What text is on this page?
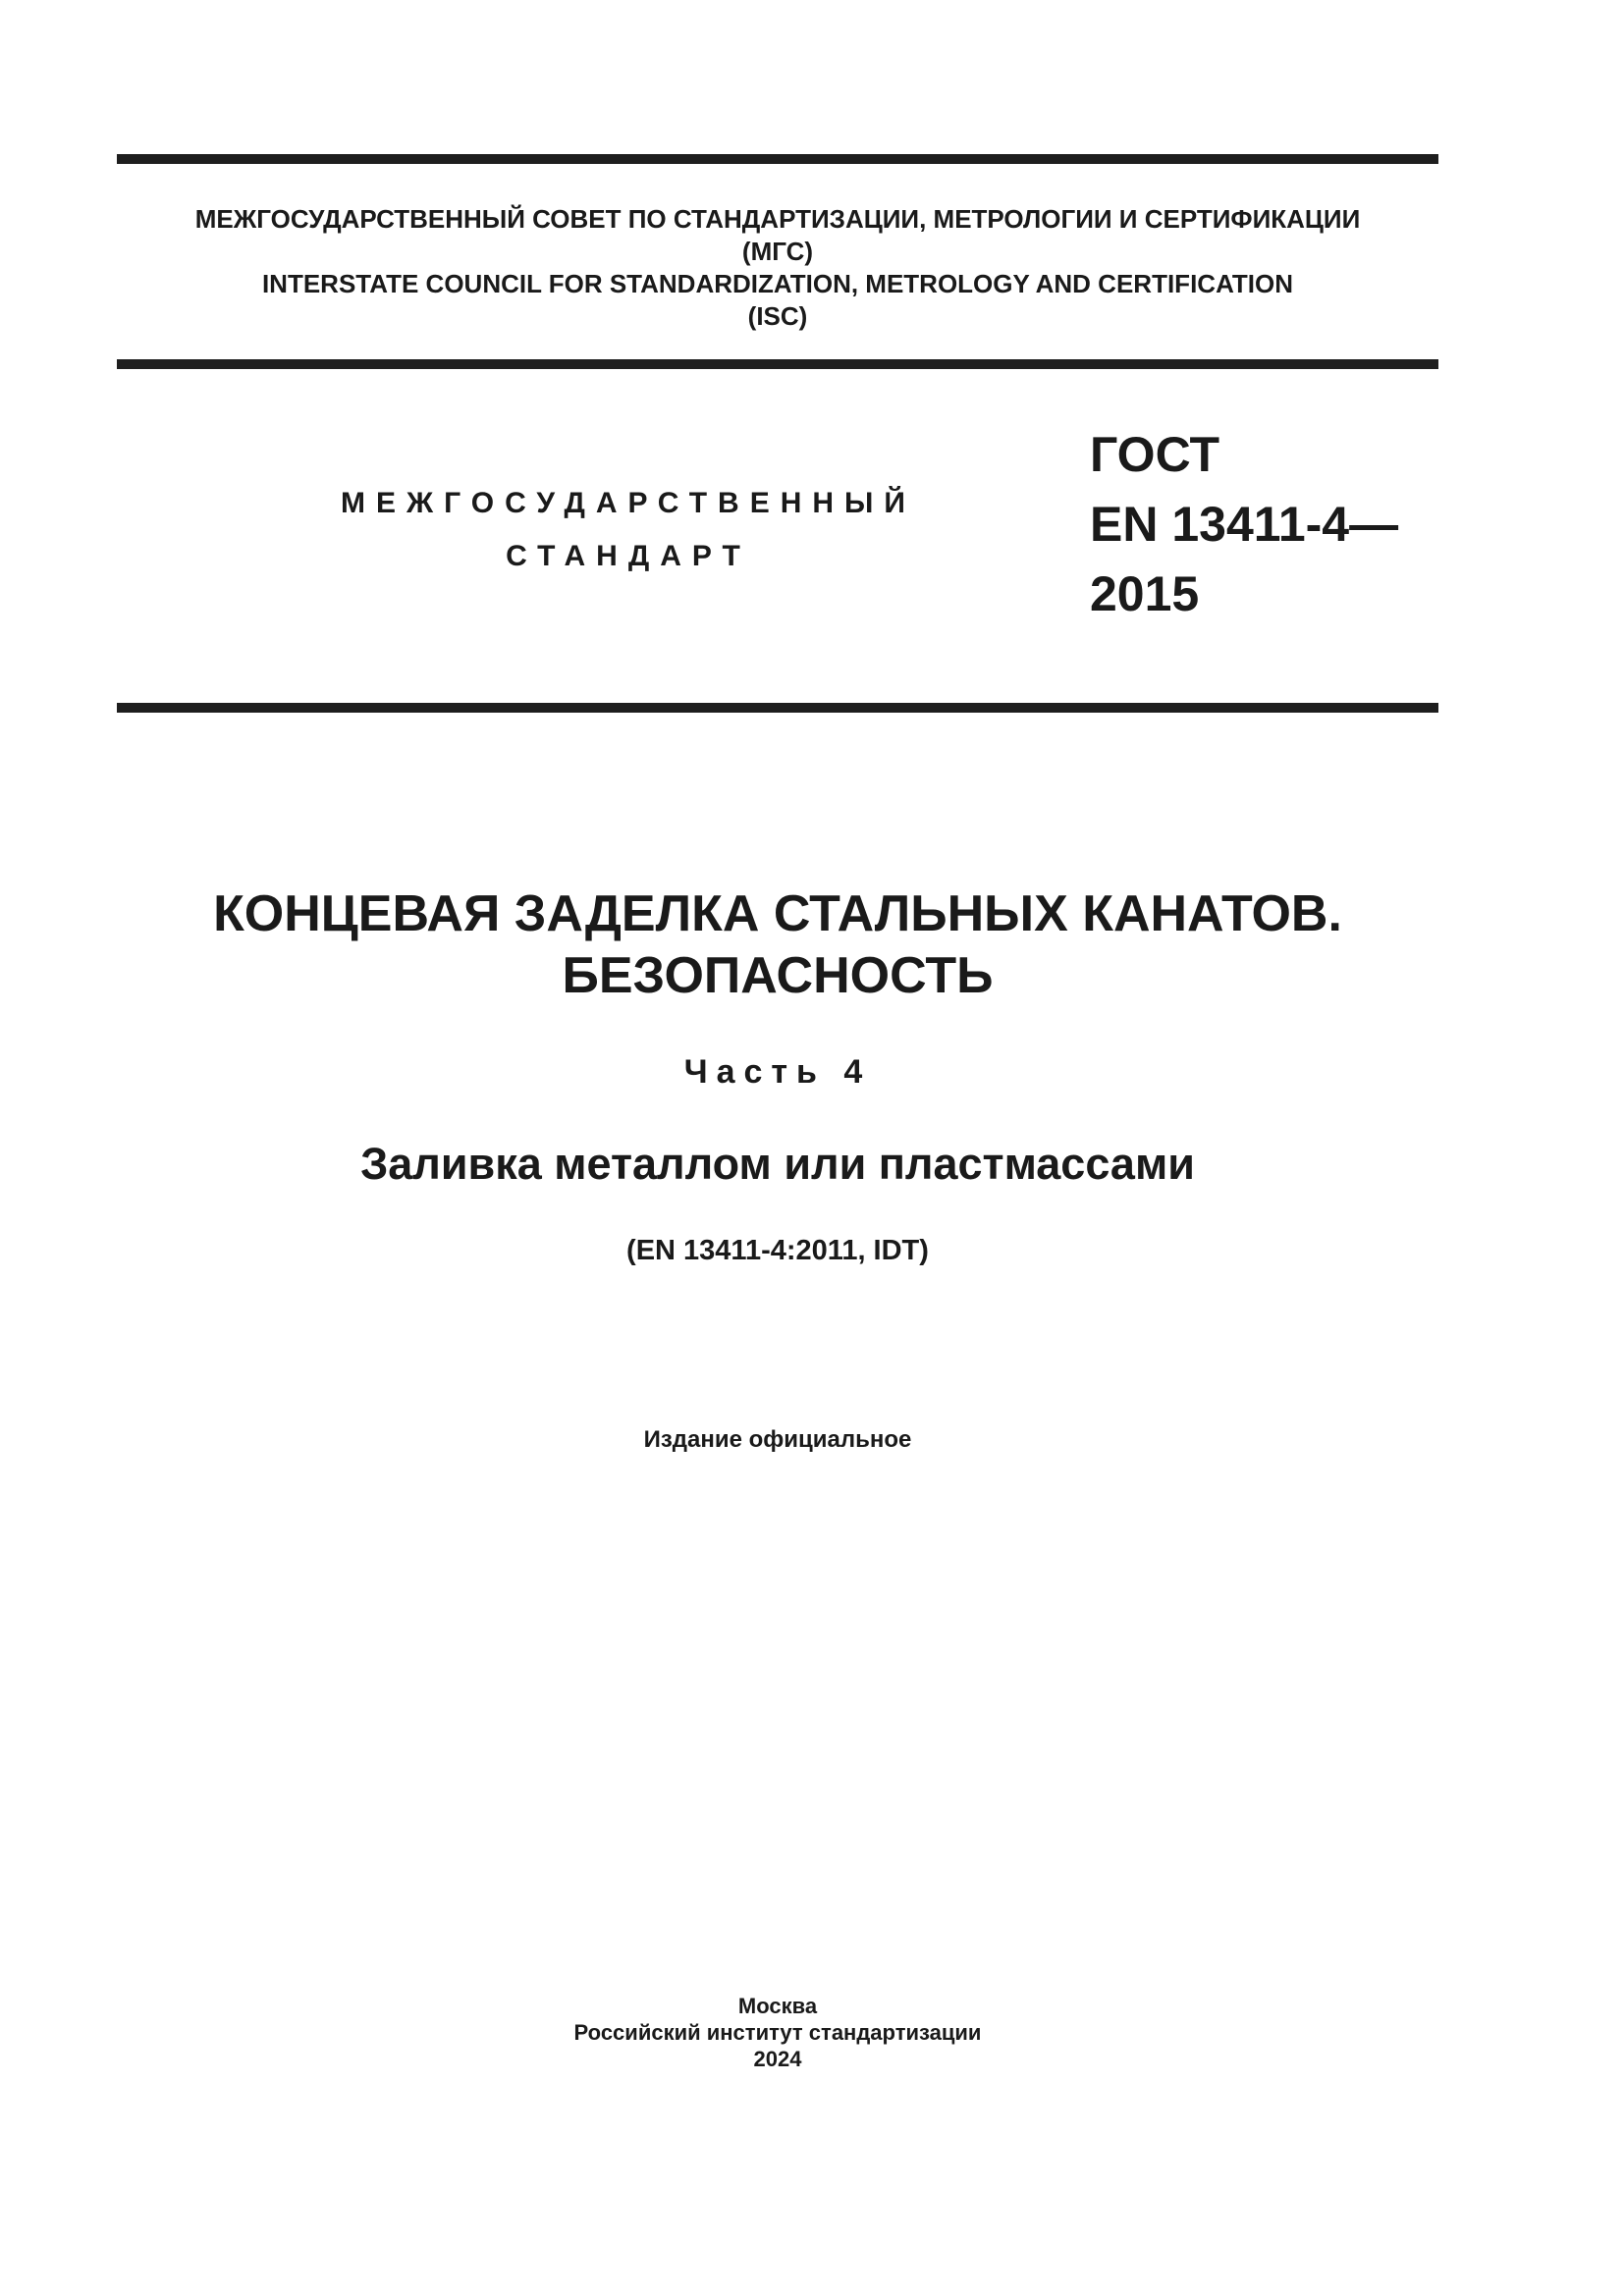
МЕЖГОСУДАРСТВЕННЫЙ СОВЕТ ПО СТАНДАРТИЗАЦИИ, МЕТРОЛОГИИ И СЕРТИФИКАЦИИ
(МГС)
INTERSTATE COUNCIL FOR STANDARDIZATION, METROLOGY AND CERTIFICATION
(ISC)
МЕЖГОСУДАРСТВЕННЫЙ
СТАНДАРТ
ГОСТ
EN 13411-4—
2015
КОНЦЕВАЯ ЗАДЕЛКА СТАЛЬНЫХ КАНАТОВ.
БЕЗОПАСНОСТЬ
Часть 4
Заливка металлом или пластмассами
(EN 13411-4:2011, IDT)
Издание официальное
Москва
Российский институт стандартизации
2024
